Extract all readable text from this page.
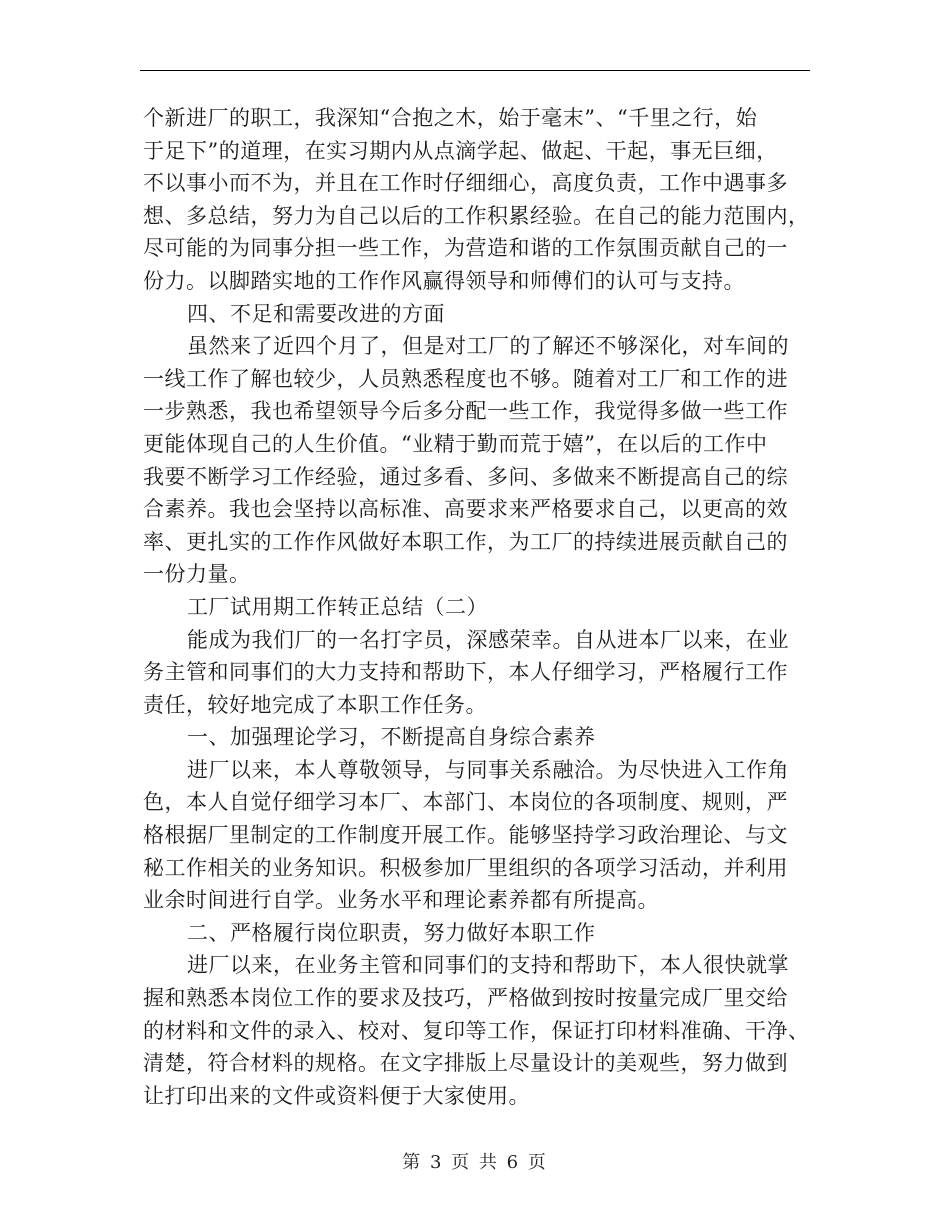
个新进厂的职工，我深知“合抱之木，始于毫末”、“千里之行，始
于足下”的道理，在实习期内从点滴学起、做起、干起，事无巨细，
不以事小而不为，并且在工作时仔细细心，高度负责，工作中遇事多
想、多总结，努力为自己以后的工作积累经验。在自己的能力范围内，
尽可能的为同事分担一些工作，为营造和谐的工作氛围贡献自己的一
份力。以脚踏实地的工作作风赢得领导和师傅们的认可与支持。
四、不足和需要改进的方面
虽然来了近四个月了，但是对工厂的了解还不够深化，对车间的
一线工作了解也较少，人员熟悉程度也不够。随着对工厂和工作的进
一步熟悉，我也希望领导今后多分配一些工作，我觉得多做一些工作
更能体现自己的人生价值。“业精于勤而荒于嬉”，在以后的工作中
我要不断学习工作经验，通过多看、多问、多做来不断提高自己的综
合素养。我也会坚持以高标准、高要求来严格要求自己，以更高的效
率、更扎实的工作作风做好本职工作，为工厂的持续进展贡献自己的
一份力量。
工厂试用期工作转正总结（二）
能成为我们厂的一名打字员，深感荣幸。自从进本厂以来，在业
务主管和同事们的大力支持和帮助下，本人仔细学习，严格履行工作
责任，较好地完成了本职工作任务。
一、加强理论学习，不断提高自身综合素养
进厂以来，本人尊敬领导，与同事关系融洽。为尽快进入工作角
色，本人自觉仔细学习本厂、本部门、本岗位的各项制度、规则，严
格根据厂里制定的工作制度开展工作。能够坚持学习政治理论、与文
秘工作相关的业务知识。积极参加厂里组织的各项学习活动，并利用
业余时间进行自学。业务水平和理论素养都有所提高。
二、严格履行岗位职责，努力做好本职工作
进厂以来，在业务主管和同事们的支持和帮助下，本人很快就掌
握和熟悉本岗位工作的要求及技巧，严格做到按时按量完成厂里交给
的材料和文件的录入、校对、复印等工作，保证打印材料准确、干净、
清楚，符合材料的规格。在文字排版上尽量设计的美观些，努力做到
让打印出来的文件或资料便于大家使用。
第 3 页 共 6 页
